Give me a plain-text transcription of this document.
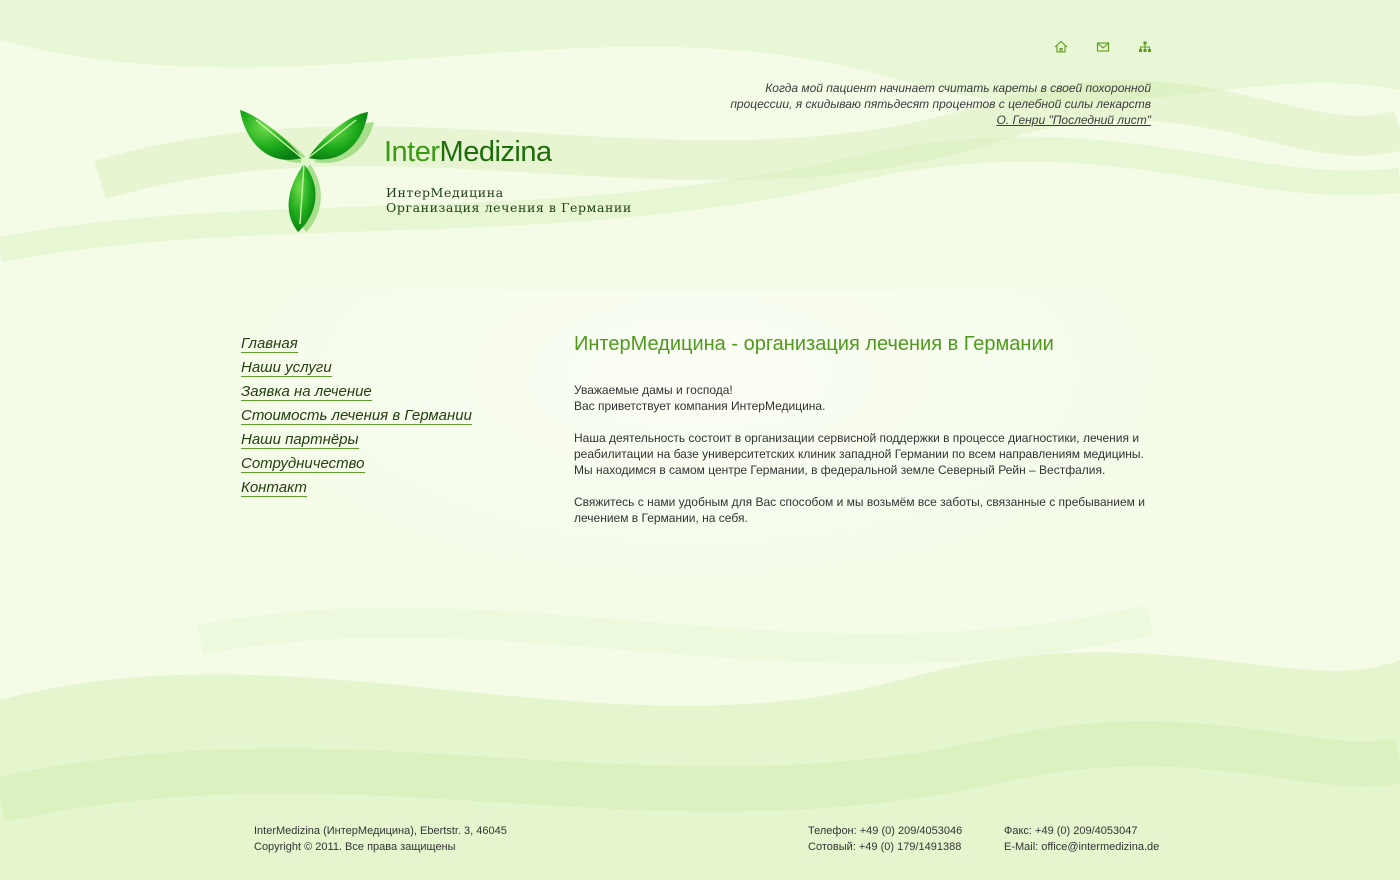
Когда мой пациент начинает считать кареты в своей похоронной
процессии, я скидываю пятьдесят процентов с целебной силы лекарств
О. Генри "Последний лист"
InterMedizina
ИнтерМедицина
Организация лечения в Германии
Главная
Наши услуги
Заявка на лечение
Стоимость лечения в Германии
Наши партнёры
Сотрудничество
Контакт
ИнтерМедицина - организация лечения в Германии

Уважаемые дамы и господа!
Вас приветствует компания ИнтерМедицина.

Наша деятельность состоит в организации сервисной поддержки в процессе диагностики, лечения и реабилитации на базе университетских клиник западной Германии по всем направлениям медицины. Мы находимся в самом центре Германии, в федеральной земле Северный Рейн – Вестфалия.

Свяжитесь с нами удобным для Вас способом и мы возьмём все заботы, связанные с пребыванием и лечением в Германии, на себя.

InterMedizina (ИнтерМедицина), Ebertstr. 3, 46045
Copyright © 2011. Все права защищены
Телефон: +49 (0) 209/4053046
Сотовый: +49 (0) 179/1491388
Факс: +49 (0) 209/4053047
E-Mail: office@intermedizina.de
